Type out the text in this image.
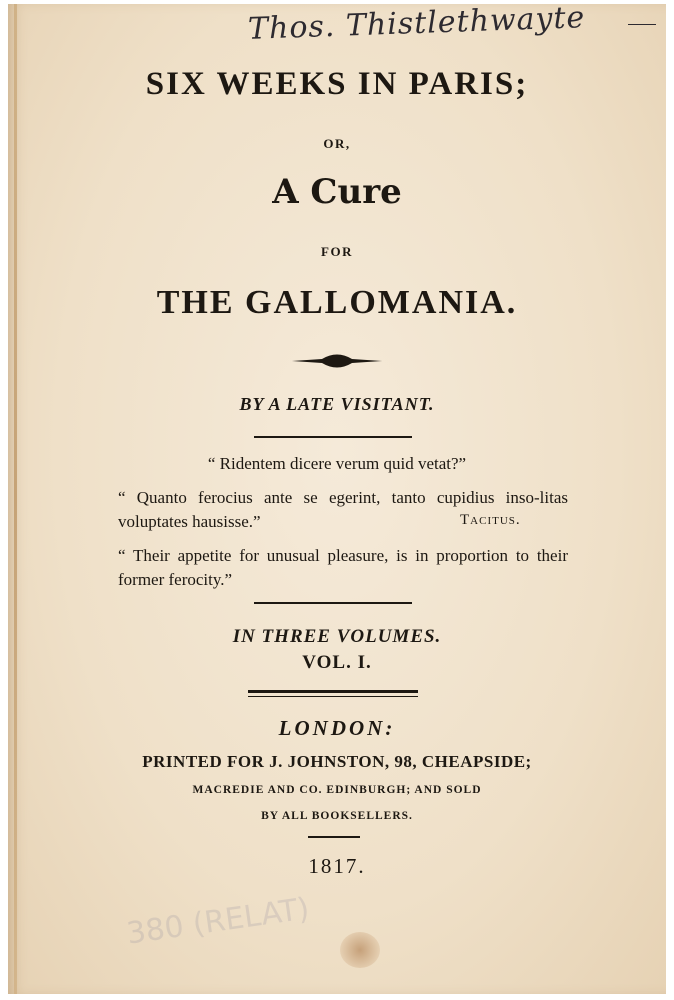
Thos. Thistlethwayte
SIX WEEKS IN PARIS;
OR,
A Cure
FOR
THE GALLOMANIA.
BY A LATE VISITANT.
“ Ridentem dicere verum quid vetat?”
“ Quanto ferocius ante se egerint, tanto cupidius inso-litas voluptates hausisse.”	Tacitus.
“ Their appetite for unusual pleasure, is in proportion to their former ferocity.”
IN THREE VOLUMES.
VOL. I.
LONDON:
PRINTED FOR J. JOHNSTON, 98, CHEAPSIDE;
MACREDIE AND CO. EDINBURGH; AND SOLD
BY ALL BOOKSELLERS.
1817.
380 (RELAT)
